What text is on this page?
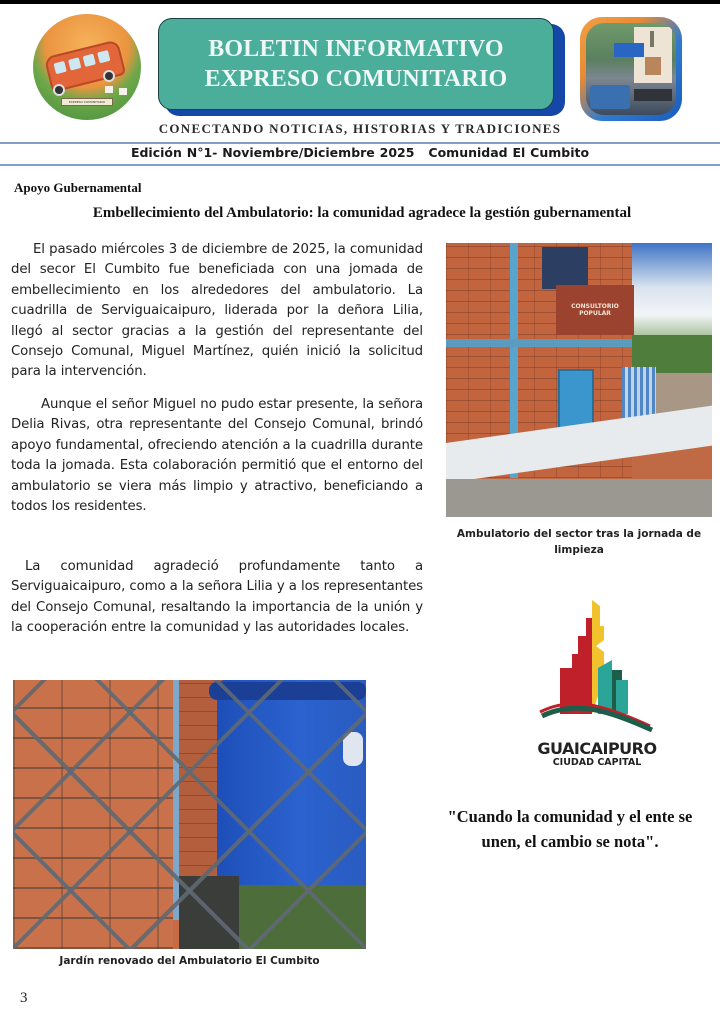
EXPRESO COMUNITARIO
BOLETIN INFORMATIVO
EXPRESO COMUNITARIO
CONECTANDO NOTICIAS, HISTORIAS Y TRADICIONES
Edición N°1- Noviembre/Diciembre 2025 Comunidad El Cumbito
Apoyo Gubernamental
Embellecimiento del Ambulatorio: la comunidad agradece la gestión gubernamental

El pasado miércoles 3 de diciembre de 2025, la comunidad del secor El Cumbito fue beneficiada con una jomada de embellecimiento en los alrededores del ambulatorio. La cuadrilla de Serviguaicaipuro, liderada por la deñora Lilia, llegó al sector gracias a la gestión del representante del Consejo Comunal, Miguel Martínez, quién inició la solicitud para la intervención.

Aunque el señor Miguel no pudo estar presente, la señora Delia Rivas, otra representante del Consejo Comunal, brindó apoyo fundamental, ofreciendo atención a la cuadrilla durante toda la jomada. Esta colaboración permitió que el entorno del ambulatorio se viera más limpio y atractivo, beneficiando a todos los residentes.

La comunidad agradeció profundamente tanto a Serviguaicaipuro, como a la señora Lilia y a los representantes del Consejo Comunal, resaltando la importancia de la unión y la cooperación entre la comunidad y las autoridades locales.

CONSULTORIO POPULAR
Ambulatorio del sector tras la jornada de limpieza
Jardín renovado del Ambulatorio El Cumbito
GUAICAIPURO
CIUDAD CAPITAL
"Cuando la comunidad y el ente se unen, el cambio se nota".
3
